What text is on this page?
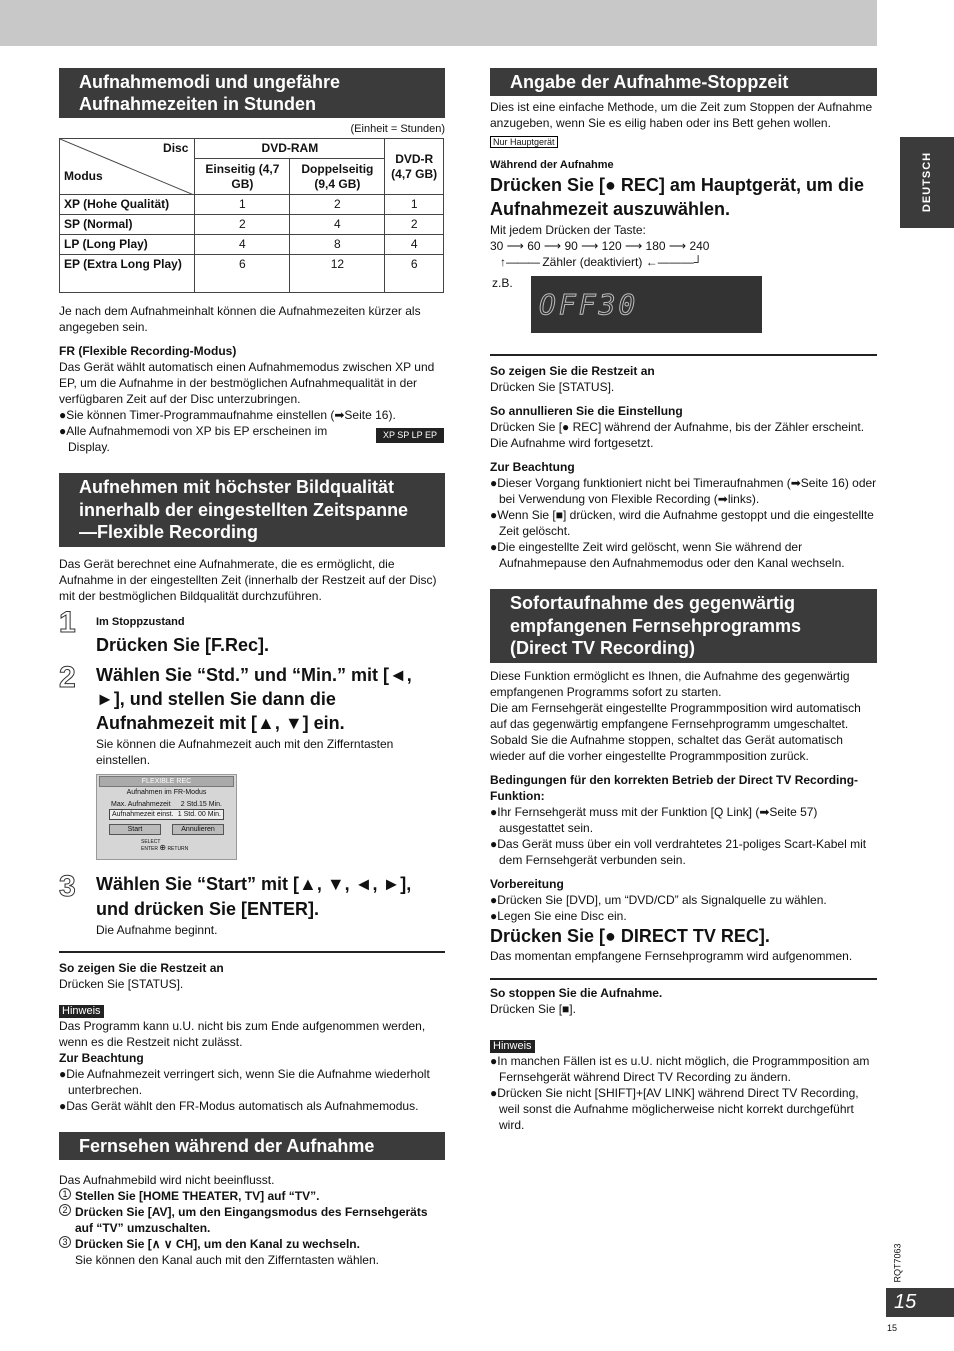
Aufnahmemodi und ungefähre Aufnahmezeiten in Stunden
(Einheit = Stunden)
Disc
Modus	DVD-RAM		DVD-R (4,7 GB)
	Einseitig (4,7 GB)	Doppelseitig (9,4 GB)	
XP (Hohe Qualität)	1	2	1
SP (Normal)	2	4	2
LP (Long Play)	4	8	4
EP (Extra Long Play)	6	12	6
Je nach dem Aufnahmeinhalt können die Aufnahmezeiten kürzer als angegeben sein.
FR (Flexible Recording-Modus)
Das Gerät wählt automatisch einen Aufnahmemodus zwischen XP und EP, um die Aufnahme in der bestmöglichen Aufnahmequalität in der verfügbaren Zeit auf der Disc unterzubringen.
●Sie können Timer-Programmaufnahme einstellen (➡Seite 16).
●Alle Aufnahmemodi von XP bis EP erscheinen im Display.
XP SP LP EP
Aufnehmen mit höchster Bildqualität innerhalb der eingestellten Zeitspanne—Flexible Recording
Das Gerät berechnet eine Aufnahmerate, die es ermöglicht, die Aufnahme in der eingestellten Zeit (innerhalb der Restzeit auf der Disc) mit der bestmöglichen Bildqualität durchzuführen.
1 Im Stoppzustand
Drücken Sie [F.Rec].
2 Wählen Sie “Std.” und “Min.” mit [◄, ►], und stellen Sie dann die Aufnahmezeit mit [▲, ▼] ein.
Sie können die Aufnahmezeit auch mit den Zifferntasten einstellen.
FLEXIBLE REC
Aufnahmen im FR-Modus
Max. Aufnahmezeit 2 Std.15 Min.
Aufnahmezeit einst. 1 Std. 00 Min.
Start	Annulieren
SELECT
ENTER ⊕ RETURN
3 Wählen Sie “Start” mit [▲, ▼, ◄, ►], und drücken Sie [ENTER].
Die Aufnahme beginnt.
So zeigen Sie die Restzeit an
Drücken Sie [STATUS].
Hinweis
Das Programm kann u.U. nicht bis zum Ende aufgenommen werden, wenn es die Restzeit nicht zulässt.
Zur Beachtung
●Die Aufnahmezeit verringert sich, wenn Sie die Aufnahme wiederholt unterbrechen.
●Das Gerät wählt den FR-Modus automatisch als Aufnahmemodus.
Fernsehen während der Aufnahme
Das Aufnahmebild wird nicht beeinflusst.
1 Stellen Sie [HOME THEATER, TV] auf “TV”.
2 Drücken Sie [AV], um den Eingangsmodus des Fernsehgeräts auf “TV” umzuschalten.
3 Drücken Sie [∧ ∨ CH], um den Kanal zu wechseln.
Sie können den Kanal auch mit den Zifferntasten wählen.
Angabe der Aufnahme-Stoppzeit
Dies ist eine einfache Methode, um die Zeit zum Stoppen der Aufnahme anzugeben, wenn Sie es eilig haben oder ins Bett gehen wollen.
Nur Hauptgerät
Während der Aufnahme
Drücken Sie [● REC] am Hauptgerät, um die Aufnahmezeit auszuwählen.
Mit jedem Drücken der Taste:
30 ⟶ 60 ⟶ 90 ⟶ 120 ⟶ 180 ⟶ 240
↑——— Zähler (deaktiviert) ←———┘
z.B.
OFF30
So zeigen Sie die Restzeit an
Drücken Sie [STATUS].
So annullieren Sie die Einstellung
Drücken Sie [● REC] während der Aufnahme, bis der Zähler erscheint.
Die Aufnahme wird fortgesetzt.
Zur Beachtung
●Dieser Vorgang funktioniert nicht bei Timeraufnahmen (➡Seite 16) oder bei Verwendung von Flexible Recording (➡links).
●Wenn Sie [■] drücken, wird die Aufnahme gestoppt und die eingestellte Zeit gelöscht.
●Die eingestellte Zeit wird gelöscht, wenn Sie während der Aufnahmepause den Aufnahmemodus oder den Kanal wechseln.
Sofortaufnahme des gegenwärtig empfangenen Fernsehprogramms (Direct TV Recording)
Diese Funktion ermöglicht es Ihnen, die Aufnahme des gegenwärtig empfangenen Programms sofort zu starten.
Die am Fernsehgerät eingestellte Programmposition wird automatisch auf das gegenwärtig empfangene Fernsehprogramm umgeschaltet.
Sobald Sie die Aufnahme stoppen, schaltet das Gerät automatisch wieder auf die vorher eingestellte Programmposition zurück.
Bedingungen für den korrekten Betrieb der Direct TV Recording-Funktion:
●Ihr Fernsehgerät muss mit der Funktion [Q Link] (➡Seite 57) ausgestattet sein.
●Das Gerät muss über ein voll verdrahtetes 21-poliges Scart-Kabel mit dem Fernsehgerät verbunden sein.
Vorbereitung
●Drücken Sie [DVD], um “DVD/CD” als Signalquelle zu wählen.
●Legen Sie eine Disc ein.
Drücken Sie [● DIRECT TV REC].
Das momentan empfangene Fernsehprogramm wird aufgenommen.
So stoppen Sie die Aufnahme.
Drücken Sie [■].
Hinweis
●In manchen Fällen ist es u.U. nicht möglich, die Programmposition am Fernsehgerät während Direct TV Recording zu ändern.
●Drücken Sie nicht [SHIFT]+[AV LINK] während Direct TV Recording, weil sonst die Aufnahme möglicherweise nicht korrekt durchgeführt wird.
DEUTSCH
RQT7063
15
15
